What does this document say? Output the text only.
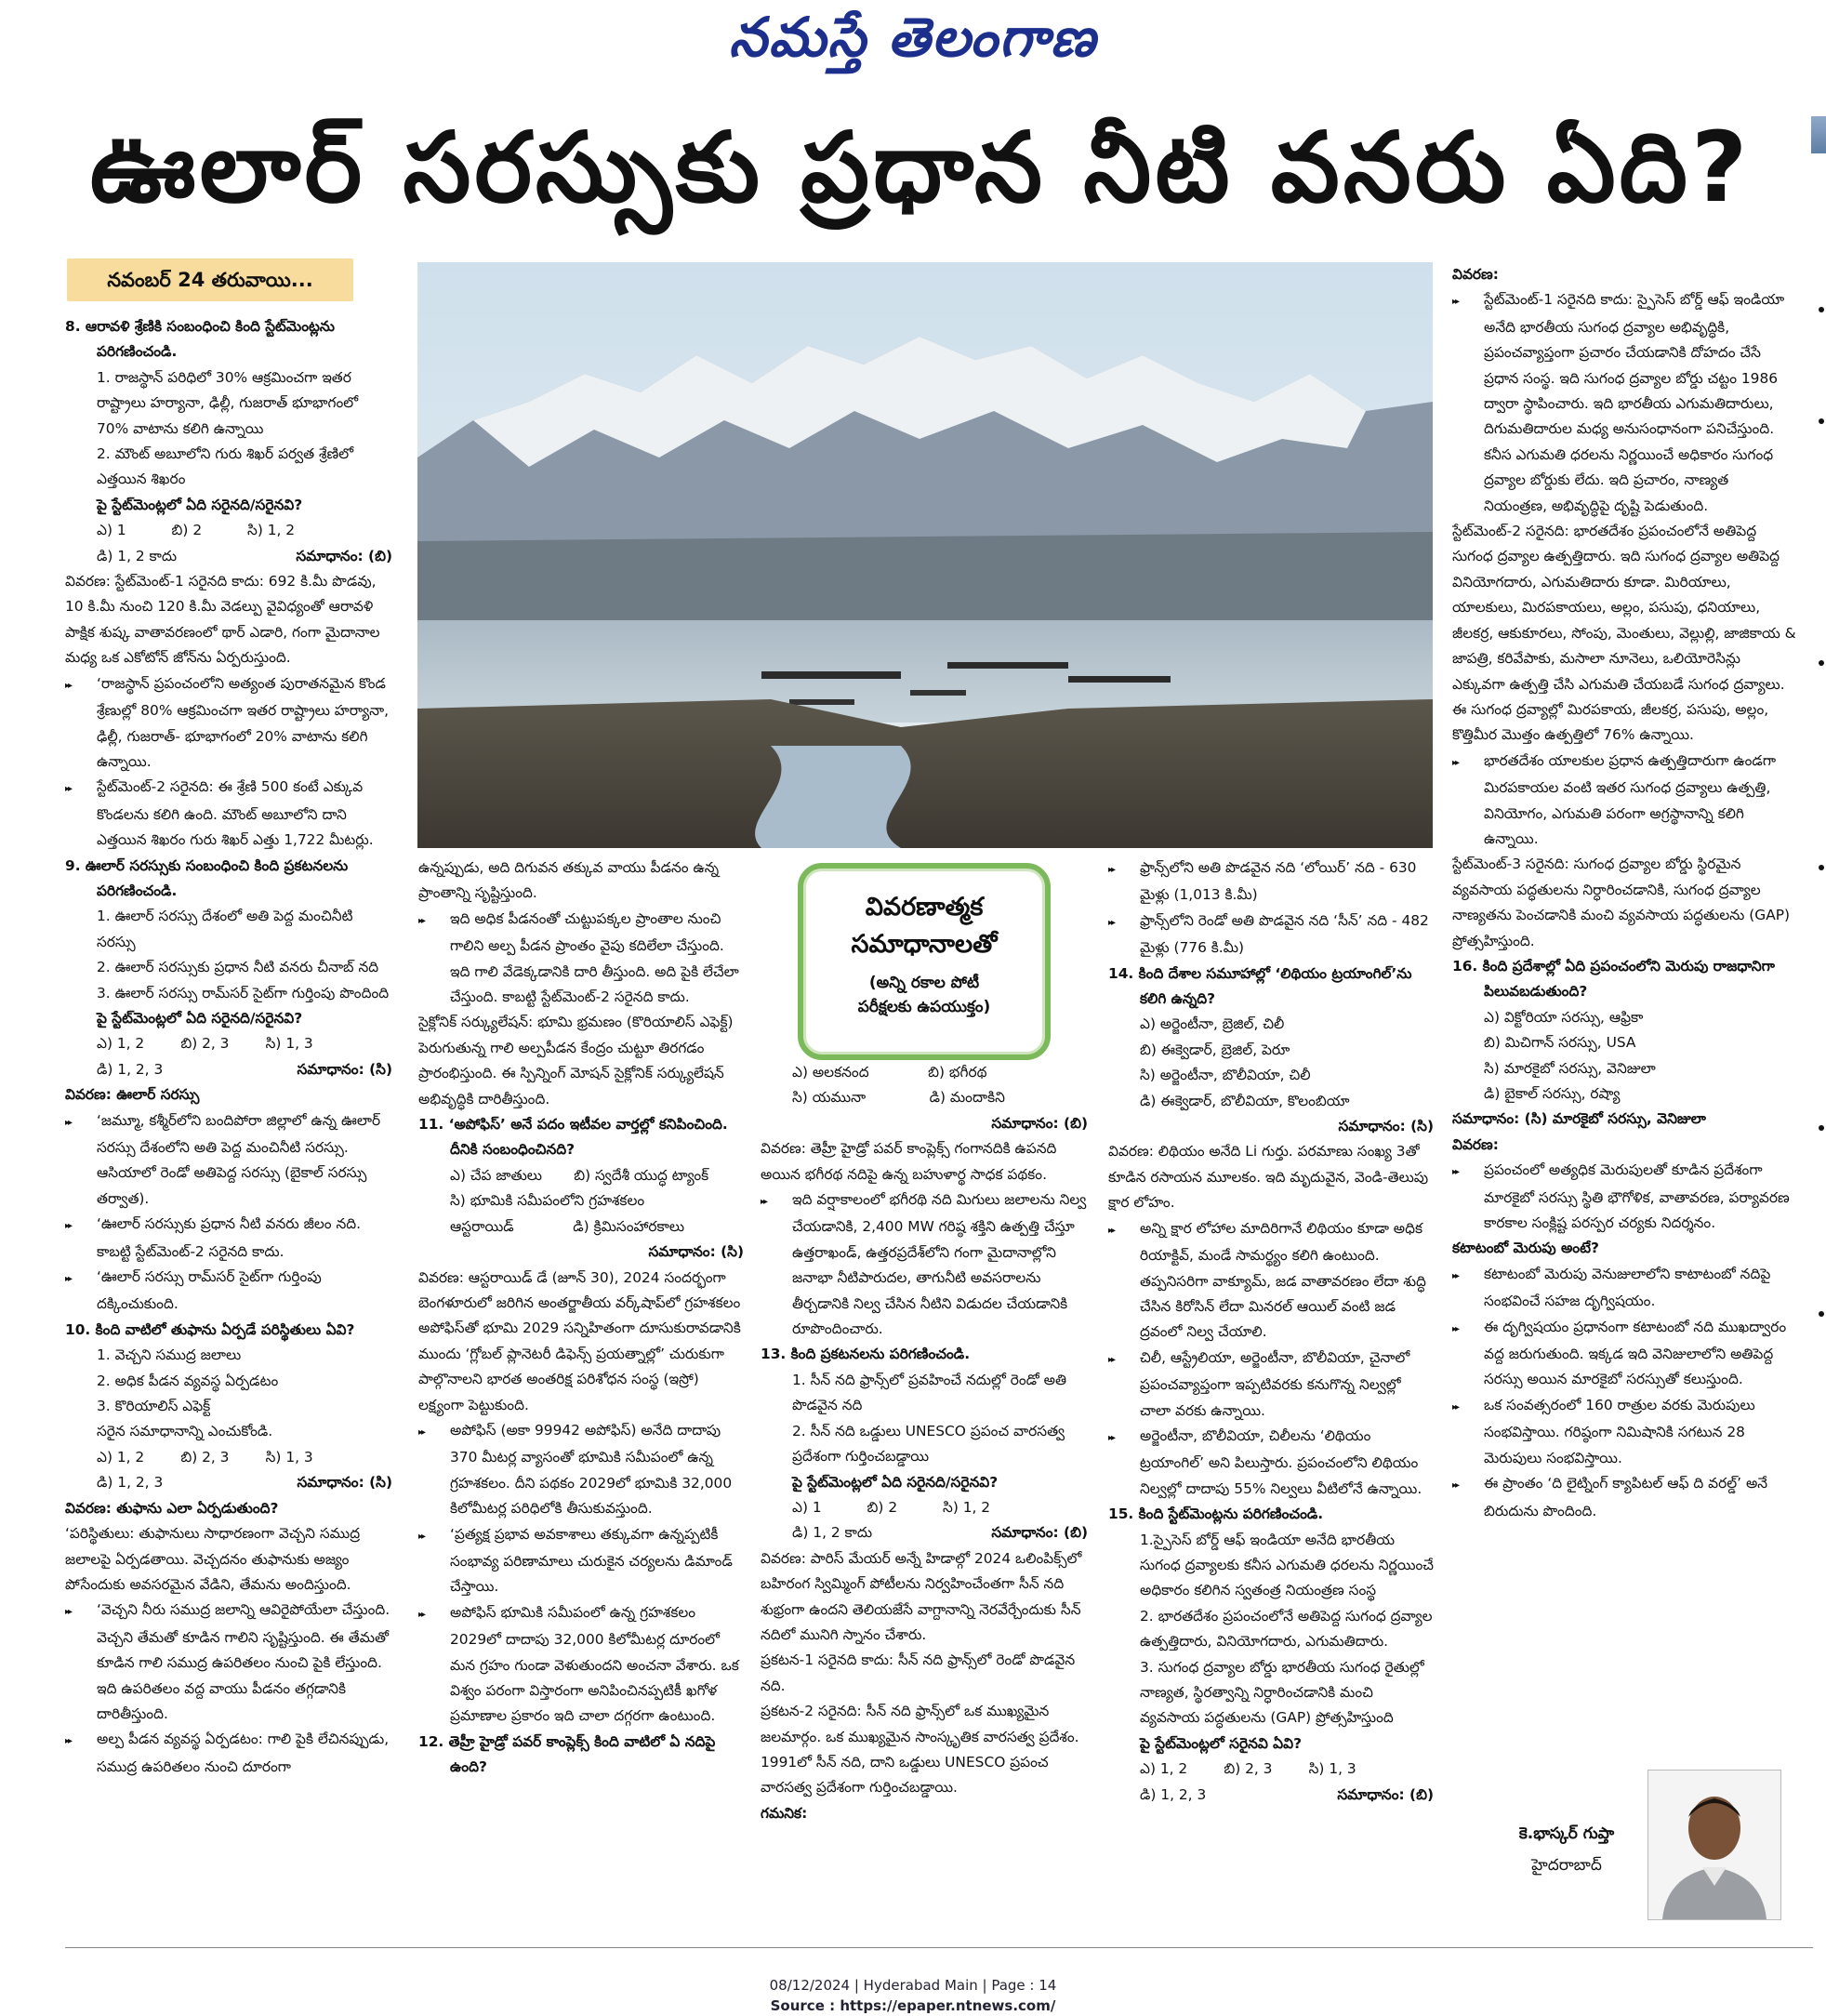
నమస్తే తెలంగాణ
ఊలార్ సరస్సుకు ప్రధాన నీటి వనరు ఏది?
నవంబర్ 24 తరువాయి...

8. ఆరావళి శ్రేణికి సంబంధించి కింది స్టేట్‌మెంట్లను పరిగణించండి.

1. రాజస్థాన్ పరిధిలో 30% ఆక్రమించగా ఇతర రాష్ట్రాలు హర్యానా, ఢిల్లీ, గుజరాత్ భూభాగంలో 70% వాటాను కలిగి ఉన్నాయి

2. మౌంట్ అబూలోని గురు శిఖర్ పర్వత శ్రేణిలో ఎత్తయిన శిఖరం

పై స్టేట్‌మెంట్లలో ఏది సరైనది/సరైనవి?

ఎ) 1          బి) 2          సి) 1, 2

డి) 1, 2 కాదు	సమాధానం: (బి)

వివరణ: స్టేట్‌మెంట్-1 సరైనది కాదు: 692 కి.మీ పొడవు, 10 కి.మీ నుంచి 120 కి.మీ వెడల్పు వైవిధ్యంతో ఆరావళి పాక్షిక శుష్క వాతావరణంలో థార్ ఎడారి, గంగా మైదానాల మధ్య ఒక ఎకోటోన్ జోన్‌ను ఏర్పరుస్తుంది.

▸▸ ‘రాజస్థాన్ ప్రపంచంలోని అత్యంత పురాతనమైన కొండ శ్రేణుల్లో 80% ఆక్రమించగా ఇతర రాష్ట్రాలు హర్యానా, ఢిల్లీ, గుజరాత్- భూభాగంలో 20% వాటాను కలిగి ఉన్నాయి.

▸▸ స్టేట్‌మెంట్-2 సరైనది: ఈ శ్రేణి 500 కంటే ఎక్కువ కొండలను కలిగి ఉంది. మౌంట్ అబూలోని దాని ఎత్తయిన శిఖరం గురు శిఖర్ ఎత్తు 1,722 మీటర్లు.

9. ఊలార్ సరస్సుకు సంబంధించి కింది ప్రకటనలను పరిగణించండి.

1. ఊలార్ సరస్సు దేశంలో అతి పెద్ద మంచినీటి సరస్సు

2. ఊలార్ సరస్సుకు ప్రధాన నీటి వనరు చీనాబ్ నది

3. ఊలార్ సరస్సు రామ్‌సర్ సైట్‌గా గుర్తింపు పొందింది

పై స్టేట్‌మెంట్లలో ఏది సరైనది/సరైనవి?

ఎ) 1, 2        బి) 2, 3        సి) 1, 3

డి) 1, 2, 3	సమాధానం: (సి)

వివరణ: ఊలార్ సరస్సు

▸▸ ‘జమ్మూ, కశ్మీర్‌లోని బందిపోరా జిల్లాలో ఉన్న ఊలార్ సరస్సు దేశంలోని అతి పెద్ద మంచినీటి సరస్సు. ఆసియాలో రెండో అతిపెద్ద సరస్సు (బైకాల్ సరస్సు తర్వాత).

▸▸ ‘ఊలార్ సరస్సుకు ప్రధాన నీటి వనరు జీలం నది. కాబట్టి స్టేట్‌మెంట్-2 సరైనది కాదు.

▸▸ ‘ఊలార్ సరస్సు రామ్‌సర్ సైట్‌గా గుర్తింపు దక్కించుకుంది.

10. కింది వాటిలో తుఫాను ఏర్పడే పరిస్థితులు ఏవి?

1. వెచ్చని సముద్ర జలాలు

2. అధిక పీడన వ్యవస్థ ఏర్పడటం

3. కొరియాలిస్ ఎఫెక్ట్

సరైన సమాధానాన్ని ఎంచుకోండి.

ఎ) 1, 2        బి) 2, 3        సి) 1, 3

డి) 1, 2, 3	సమాధానం: (సి)

వివరణ: తుఫాను ఎలా ఏర్పడుతుంది?

‘పరిస్థితులు: తుఫానులు సాధారణంగా వెచ్చని సముద్ర జలాలపై ఏర్పడతాయి. వెచ్చదనం తుఫానుకు అజ్యం పోసేందుకు అవసరమైన వేడిని, తేమను అందిస్తుంది.

▸▸ ‘వెచ్చని నీరు సముద్ర జలాన్ని ఆవిరైపోయేలా చేస్తుంది. వెచ్చని తేమతో కూడిన గాలిని సృష్టిస్తుంది. ఈ తేమతో కూడిన గాలి సముద్ర ఉపరితలం నుంచి పైకి లేస్తుంది. ఇది ఉపరితలం వద్ద వాయు పీడనం తగ్గడానికి దారితీస్తుంది.

▸▸ అల్ప పీడన వ్యవస్థ ఏర్పడటం: గాలి పైకి లేచినప్పుడు, సముద్ర ఉపరితలం నుంచి దూరంగా

ఉన్నప్పుడు, అది దిగువన తక్కువ వాయు పీడనం ఉన్న ప్రాంతాన్ని సృష్టిస్తుంది.

▸▸ ఇది అధిక పీడనంతో చుట్టుపక్కల ప్రాంతాల నుంచి గాలిని అల్ప పీడన ప్రాంతం వైపు కదిలేలా చేస్తుంది. ఇది గాలి వేడెక్కడానికి దారి తీస్తుంది. అది పైకి లేచేలా చేస్తుంది. కాబట్టి స్టేట్‌మెంట్-2 సరైనది కాదు.

సైక్లోనిక్ సర్క్యులేషన్: భూమి భ్రమణం (కొరియాలిస్ ఎఫెక్ట్) పెరుగుతున్న గాలి అల్పపీడన కేంద్రం చుట్టూ తిరగడం ప్రారంభిస్తుంది. ఈ స్పిన్నింగ్ మోషన్ సైక్లోనిక్ సర్క్యులేషన్ అభివృద్ధికి దారితీస్తుంది.

11. ‘అపోఫిస్’ అనే పదం ఇటీవల వార్తల్లో కనిపించింది. దీనికి సంబంధించినది?

ఎ) చేప జాతులు       బి) స్వదేశీ యుద్ధ ట్యాంక్

సి) భూమికి సమీపంలోని గ్రహశకలం

ఆస్టరాయిడ్             డి) క్రిమిసంహారకాలు

సమాధానం: (సి)

వివరణ: ఆస్టరాయిడ్ డే (జూన్ 30), 2024 సందర్భంగా బెంగళూరులో జరిగిన అంతర్జాతీయ వర్క్‌షాప్‌లో గ్రహశకలం అపోఫిస్‌తో భూమి 2029 సన్నిహితంగా దూసుకురావడానికి ముందు ‘గ్లోబల్ ప్లానెటరీ డిఫెన్స్ ప్రయత్నాల్లో’ చురుకుగా పాల్గొనాలని భారత అంతరిక్ష పరిశోధన సంస్థ (ఇస్రో) లక్ష్యంగా పెట్టుకుంది.

▸▸ అపోఫిస్ (అకా 99942 అపోఫిస్) అనేది దాదాపు 370 మీటర్ల వ్యాసంతో భూమికి సమీపంలో ఉన్న గ్రహశకలం. దీని పథకం 2029లో భూమికి 32,000 కిలోమీటర్ల పరిధిలోకి తీసుకువస్తుంది.

▸▸ ‘ప్రత్యక్ష ప్రభావ అవకాశాలు తక్కువగా ఉన్నప్పటికీ సంభావ్య పరిణామాలు చురుకైన చర్యలను డిమాండ్ చేస్తాయి.

▸▸ అపోఫిస్ భూమికి సమీపంలో ఉన్న గ్రహశకలం 2029లో దాదాపు 32,000 కిలోమీటర్ల దూరంలో మన గ్రహం గుండా వెళుతుందని అంచనా వేశారు. ఒక విశ్వం పరంగా విస్తారంగా అనిపించినప్పటికీ ఖగోళ ప్రమాణాల ప్రకారం ఇది చాలా దగ్గరగా ఉంటుంది.

12. తెహ్రీ హైడ్రో పవర్ కాంప్లెక్స్ కింది వాటిలో ఏ నదిపై ఉంది?

వివరణాత్మక
సమాధానాలతో
(అన్ని రకాల పోటీ
పరీక్షలకు ఉపయుక్తం)

ఎ) అలకనంద             బి) భగీరథ

సి) యమునా              డి) మందాకిని

సమాధానం: (బి)

వివరణ: తెహ్రీ హైడ్రో పవర్ కాంప్లెక్స్ గంగానదికి ఉపనది అయిన భగీరథ నదిపై ఉన్న బహుళార్థ సాధక పథకం.

▸▸ ఇది వర్షాకాలంలో భగీరథి నది మిగులు జలాలను నిల్వ చేయడానికి, 2,400 MW గరిష్ఠ శక్తిని ఉత్పత్తి చేస్తూ ఉత్తరాఖండ్, ఉత్తరప్రదేశ్‌లోని గంగా మైదానాల్లోని జనాభా నీటిపారుదల, తాగునీటి అవసరాలను తీర్చడానికి నిల్వ చేసిన నీటిని విడుదల చేయడానికి రూపొందించారు.

13. కింది ప్రకటనలను పరిగణించండి.

1. సీన్ నది ఫ్రాన్స్‌లో ప్రవహించే నదుల్లో రెండో అతి పొడవైన నది

2. సీన్ నది ఒడ్డులు UNESCO ప్రపంచ వారసత్వ ప్రదేశంగా గుర్తించబడ్డాయి

పై స్టేట్‌మెంట్లలో ఏది సరైనది/సరైనవి?

ఎ) 1          బి) 2          సి) 1, 2

డి) 1, 2 కాదు	సమాధానం: (బి)

వివరణ: పారిస్ మేయర్ అన్నే హిడాల్గో 2024 ఒలింపిక్స్‌లో బహిరంగ స్విమ్మింగ్ పోటీలను నిర్వహించేంతగా సీన్ నది శుభ్రంగా ఉందని తెలియజేసే వాగ్దానాన్ని నెరవేర్చేందుకు సీన్ నదిలో మునిగి స్నానం చేశారు.

ప్రకటన-1 సరైనది కాదు: సీన్ నది ఫ్రాన్స్‌లో రెండో పొడవైన నది.

ప్రకటన-2 సరైనది: సీన్ నది ఫ్రాన్స్‌లో ఒక ముఖ్యమైన జలమార్గం. ఒక ముఖ్యమైన సాంస్కృతిక వారసత్వ ప్రదేశం. 1991లో సీన్ నది, దాని ఒడ్డులు UNESCO ప్రపంచ వారసత్వ ప్రదేశంగా గుర్తించబడ్డాయి.

గమనిక:

▸▸ ఫ్రాన్స్‌లోని అతి పొడవైన నది ‘లోయిర్’ నది - 630 మైళ్లు (1,013 కి.మీ)

▸▸ ఫ్రాన్స్‌లోని రెండో అతి పొడవైన నది ‘సీన్’ నది - 482 మైళ్లు (776 కి.మీ)

14. కింది దేశాల సమూహాల్లో ‘లిథియం ట్రయాంగిల్’ను కలిగి ఉన్నది?

ఎ) అర్జెంటీనా, బ్రెజిల్, చిలీ

బి) ఈక్వెడార్, బ్రెజిల్, పెరూ

సి) అర్జెంటీనా, బొలీవియా, చిలీ

డి) ఈక్వెడార్, బొలీవియా, కొలంబియా

సమాధానం: (సి)

వివరణ: లిథియం అనేది Li గుర్తు. పరమాణు సంఖ్య 3తో కూడిన రసాయన మూలకం. ఇది మృదువైన, వెండి-తెలుపు క్షార లోహం.

▸▸ అన్ని క్షార లోహాల మాదిరిగానే లిథియం కూడా అధిక రియాక్టివ్, మండే సామర్థ్యం కలిగి ఉంటుంది. తప్పనిసరిగా వాక్యూమ్, జడ వాతావరణం లేదా శుద్ధి చేసిన కిరోసిన్ లేదా మినరల్ ఆయిల్ వంటి జడ ద్రవంలో నిల్వ చేయాలి.

▸▸ చిలీ, ఆస్ట్రేలియా, అర్జెంటీనా, బొలీవియా, చైనాలో ప్రపంచవ్యాప్తంగా ఇప్పటివరకు కనుగొన్న నిల్వల్లో చాలా వరకు ఉన్నాయి.

▸▸ అర్జెంటీనా, బొలీవియా, చిలీలను ‘లిథియం ట్రయాంగిల్’ అని పిలుస్తారు. ప్రపంచంలోని లిథియం నిల్వల్లో దాదాపు 55% నిల్వలు వీటిలోనే ఉన్నాయి.

15. కింది స్టేట్‌మెంట్లను పరిగణించండి.

1.స్పైసెస్ బోర్డ్ ఆఫ్ ఇండియా అనేది భారతీయ సుగంధ ద్రవ్యాలకు కనీస ఎగుమతి ధరలను నిర్ణయించే అధికారం కలిగిన స్వతంత్ర నియంత్రణ సంస్థ

2. భారతదేశం ప్రపంచంలోనే అతిపెద్ద సుగంధ ద్రవ్యాల ఉత్పత్తిదారు, వినియోగదారు, ఎగుమతిదారు.

3. సుగంధ ద్రవ్యాల బోర్డు భారతీయ సుగంధ రైతుల్లో నాణ్యత, స్థిరత్వాన్ని నిర్ధారించడానికి మంచి వ్యవసాయ పద్ధతులను (GAP) ప్రోత్సహిస్తుంది

పై స్టేట్‌మెంట్లలో సరైనవి ఏవి?

ఎ) 1, 2        బి) 2, 3        సి) 1, 3

డి) 1, 2, 3	సమాధానం: (బి)

వివరణ:

▸▸ స్టేట్‌మెంట్-1 సరైనది కాదు: స్పైసెస్ బోర్డ్ ఆఫ్ ఇండియా అనేది భారతీయ సుగంధ ద్రవ్యాల అభివృద్ధికి, ప్రపంచవ్యాప్తంగా ప్రచారం చేయడానికి దోహదం చేసే ప్రధాన సంస్థ. ఇది సుగంధ ద్రవ్యాల బోర్డు చట్టం 1986 ద్వారా స్థాపించారు. ఇది భారతీయ ఎగుమతిదారులు, దిగుమతిదారుల మధ్య అనుసంధానంగా పనిచేస్తుంది. కనీస ఎగుమతి ధరలను నిర్ణయించే అధికారం సుగంధ ద్రవ్యాల బోర్డుకు లేదు. ఇది ప్రచారం, నాణ్యత నియంత్రణ, అభివృద్ధిపై దృష్టి పెడుతుంది.

స్టేట్‌మెంట్-2 సరైనది: భారతదేశం ప్రపంచంలోనే అతిపెద్ద సుగంధ ద్రవ్యాల ఉత్పత్తిదారు. ఇది సుగంధ ద్రవ్యాల అతిపెద్ద వినియోగదారు, ఎగుమతిదారు కూడా. మిరియాలు, యాలకులు, మిరపకాయలు, అల్లం, పసుపు, ధనియాలు, జీలకర్ర, ఆకుకూరలు, సోంపు, మెంతులు, వెల్లుల్లి, జాజికాయ & జాపత్రి, కరివేపాకు, మసాలా నూనెలు, ఒలియోరెసిన్లు ఎక్కువగా ఉత్పత్తి చేసి ఎగుమతి చేయబడే సుగంధ ద్రవ్యాలు. ఈ సుగంధ ద్రవ్యాల్లో మిరపకాయ, జీలకర్ర, పసుపు, అల్లం, కొత్తిమీర మొత్తం ఉత్పత్తిలో 76% ఉన్నాయి.

▸▸ భారతదేశం యాలకుల ప్రధాన ఉత్పత్తిదారుగా ఉండగా మిరపకాయల వంటి ఇతర సుగంధ ద్రవ్యాలు ఉత్పత్తి, వినియోగం, ఎగుమతి పరంగా అగ్రస్థానాన్ని కలిగి ఉన్నాయి.

స్టేట్‌మెంట్-3 సరైనది: సుగంధ ద్రవ్యాల బోర్డు స్థిరమైన వ్యవసాయ పద్ధతులను నిర్ధారించడానికి, సుగంధ ద్రవ్యాల నాణ్యతను పెంచడానికి మంచి వ్యవసాయ పద్ధతులను (GAP) ప్రోత్సహిస్తుంది.

16. కింది ప్రదేశాల్లో ఏది ప్రపంచంలోని మెరుపు రాజధానిగా పిలువబడుతుంది?

ఎ) విక్టోరియా సరస్సు, ఆఫ్రికా

బి) మిచిగాన్ సరస్సు, USA

సి) మారకైబో సరస్సు, వెనిజులా

డి) బైకాల్ సరస్సు, రష్యా

సమాధానం: (సి) మారకైబో సరస్సు, వెనిజులా

వివరణ:

▸▸ ప్రపంచంలో అత్యధిక మెరుపులతో కూడిన ప్రదేశంగా మారకైబో సరస్సు స్థితి భౌగోళిక, వాతావరణ, పర్యావరణ కారకాల సంక్లిష్ట పరస్పర చర్యకు నిదర్శనం.

కటాటంబో మెరుపు అంటే?

▸▸ కటాటంబో మెరుపు వెనుజులాలోని కాటాటంబో నదిపై సంభవించే సహజ దృగ్విషయం.

▸▸ ఈ దృగ్విషయం ప్రధానంగా కటాటంబో నది ముఖద్వారం వద్ద జరుగుతుంది. ఇక్కడ ఇది వెనిజులాలోని అతిపెద్ద సరస్సు అయిన మారకైబో సరస్సుతో కలుస్తుంది.

▸▸ ఒక సంవత్సరంలో 160 రాత్రుల వరకు మెరుపులు సంభవిస్తాయి. గరిష్ఠంగా నిమిషానికి సగటున 28 మెరుపులు సంభవిస్తాయి.

▸▸ ఈ ప్రాంతం ‘ది లైట్నింగ్ క్యాపిటల్ ఆఫ్ ది వరల్డ్’ అనే బిరుదును పొందింది.

కె.భాస్కర్ గుప్తా
హైదరాబాద్
08/12/2024 | Hyderabad Main | Page : 14
Source : https://epaper.ntnews.com/
